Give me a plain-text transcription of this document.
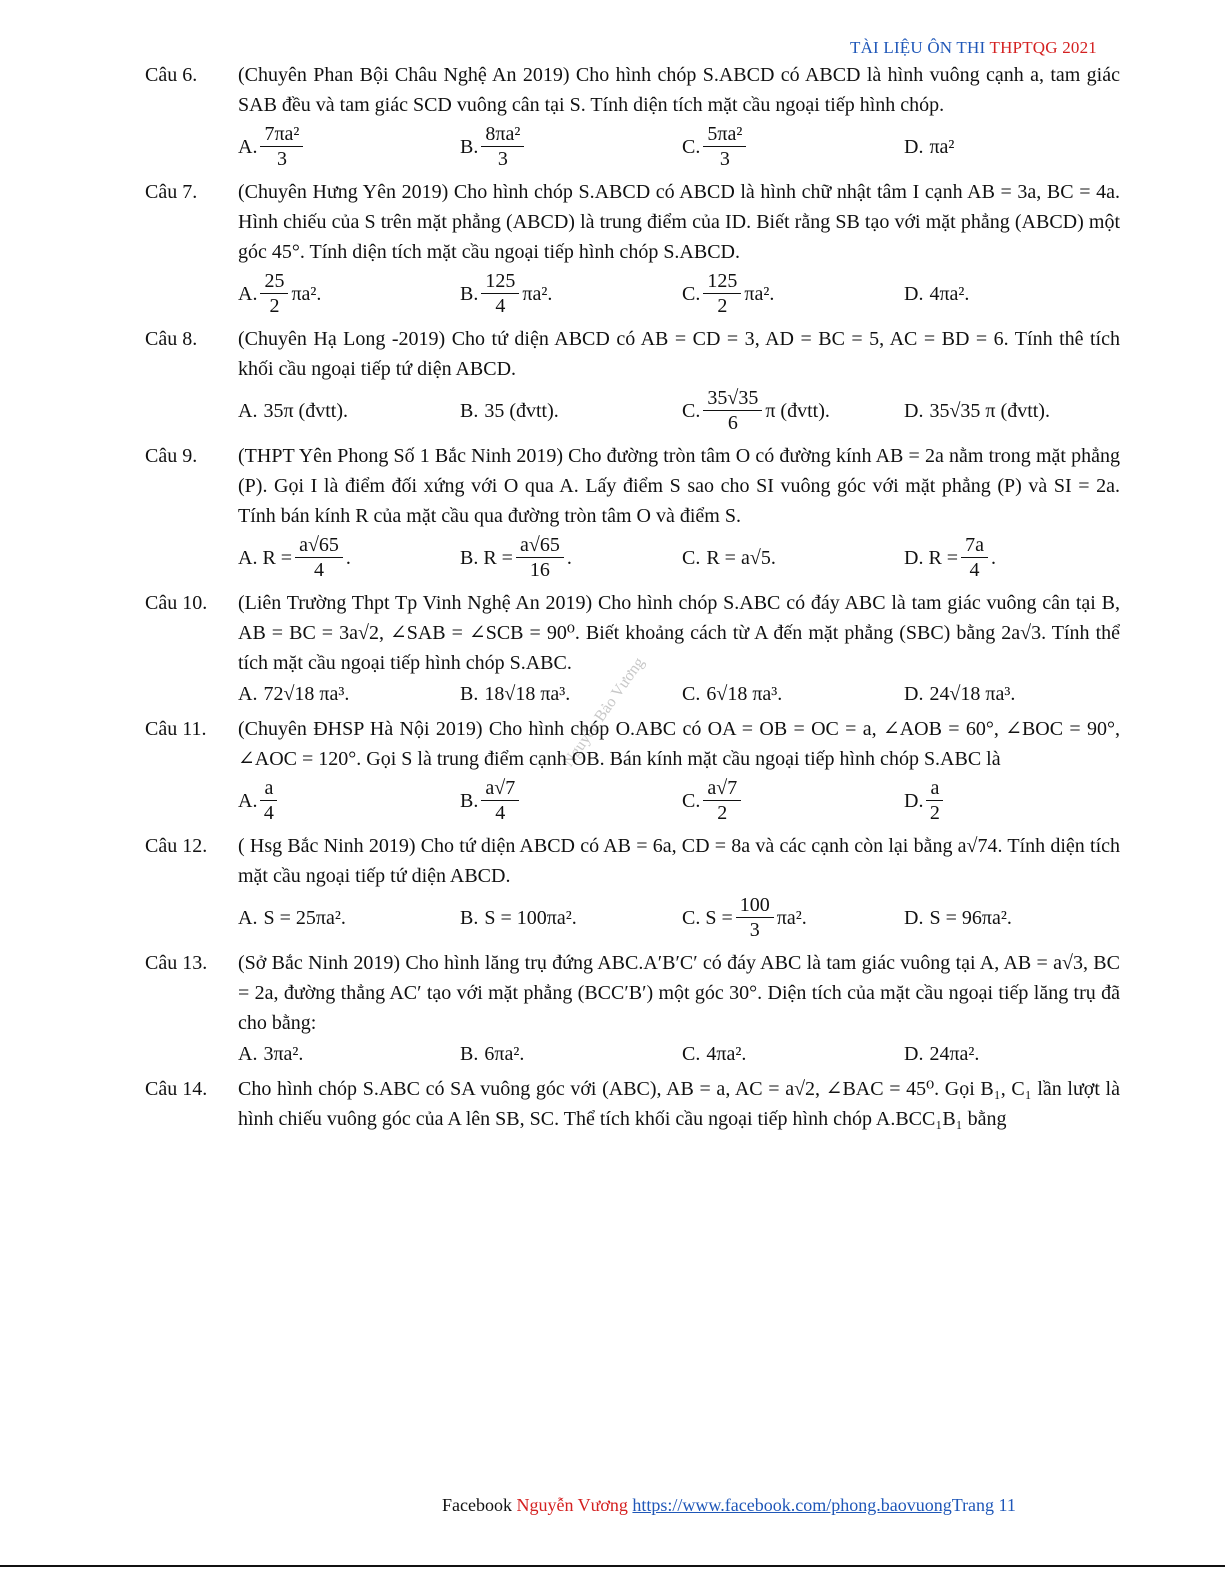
TÀI LIỆU ÔN THI THPTQG 2021
Nguyễn Bảo Vương
Câu 6. (Chuyên Phan Bội Châu Nghệ An 2019) Cho hình chóp S.ABCD có ABCD là hình vuông cạnh a, tam giác SAB đều và tam giác SCD vuông cân tại S. Tính diện tích mặt cầu ngoại tiếp hình chóp.
A. $\frac{\text{7πa²}}{3}$	B. $\frac{\text{8πa²}}{3}$	C. $\frac{\text{5πa²}}{3}$	D. πa²
Câu 7. (Chuyên Hưng Yên 2019) Cho hình chóp S.ABCD có ABCD là hình chữ nhật tâm I cạnh AB = 3a, BC = 4a. Hình chiếu của S trên mặt phẳng (ABCD) là trung điểm của ID. Biết rằng SB tạo với mặt phẳng (ABCD) một góc 45°. Tính diện tích mặt cầu ngoại tiếp hình chóp S.ABCD.
A. $\frac{25}{2} \pi a^2$.	B. $\frac{125}{4} \pi a^2$.	C. $\frac{125}{2} \pi a^2$.	D. 4πa².
Câu 8. (Chuyên Hạ Long -2019) Cho tứ diện ABCD có AB = CD = 3, AD = BC = 5, AC = BD = 6. Tính thê tích khối cầu ngoại tiếp tứ diện ABCD.
A. 35π (đvtt).	B. 35 (đvtt).	C. $\frac{35√35}{6}$ π (đvtt).	D. 35√35 π (đvtt).
Câu 9. (THPT Yên Phong Số 1 Bắc Ninh 2019) Cho đường tròn tâm O có đường kính AB = 2a nằm trong mặt phẳng (P). Gọi I là điểm đối xứng với O qua A. Lấy điểm S sao cho SI vuông góc với mặt phẳng (P) và SI = 2a. Tính bán kính R của mặt cầu qua đường tròn tâm O và điểm S.
A. $R = \frac{a√65}{4}$ .	B. $R = \frac{a√65}{16}$ .	C. R = a√5.	D. $R = \frac{7a}{4}$ .
Câu 10. (Liên Trường Thpt Tp Vinh Nghệ An 2019) Cho hình chóp S.ABC có đáy ABC là tam giác vuông cân tại B, AB = BC = 3a√2, ∠SAB = ∠SCB = 90⁰. Biết khoảng cách từ A đến mặt phẳng (SBC) bằng 2a√3. Tính thể tích mặt cầu ngoại tiếp hình chóp S.ABC.
A. 72√18 πa³.	B. 18√18 πa³.	C. 6√18 πa³.	D. 24√18 πa³.
Câu 11. (Chuyên ĐHSP Hà Nội 2019) Cho hình chóp O.ABC có OA = OB = OC = a, ∠AOB = 60°, ∠BOC = 90°, ∠AOC = 120°. Gọi S là trung điểm cạnh OB. Bán kính mặt cầu ngoại tiếp hình chóp S.ABC là
A. $\frac{a}{4}$	B. $\frac{a√7}{4}$	C. $\frac{a√7}{2}$	D. $\frac{a}{2}$
Câu 12. ( Hsg Bắc Ninh 2019) Cho tứ diện ABCD có AB = 6a, CD = 8a và các cạnh còn lại bằng a√74. Tính diện tích mặt cầu ngoại tiếp tứ diện ABCD.
A. S = 25πa².	B. S = 100πa².	C. $S = \frac{100}{3} \pi a^2$.	D. S = 96πa².
Câu 13. (Sở Bắc Ninh 2019) Cho hình lăng trụ đứng ABC.A′B′C′ có đáy ABC là tam giác vuông tại A, AB = a√3, BC = 2a, đường thẳng AC′ tạo với mặt phẳng (BCC′B′) một góc 30°. Diện tích của mặt cầu ngoại tiếp lăng trụ đã cho bằng:
A. 3πa².	B. 6πa².	C. 4πa².	D. 24πa².
Câu 14. Cho hình chóp S.ABC có SA vuông góc với (ABC), AB = a, AC = a√2, ∠BAC = 45⁰. Gọi B₁, C₁ lần lượt là hình chiếu vuông góc của A lên SB, SC. Thể tích khối cầu ngoại tiếp hình chóp A.BCC₁B₁ bằng
Facebook Nguyễn Vương https://www.facebook.com/phong.baovuongTrang 11
